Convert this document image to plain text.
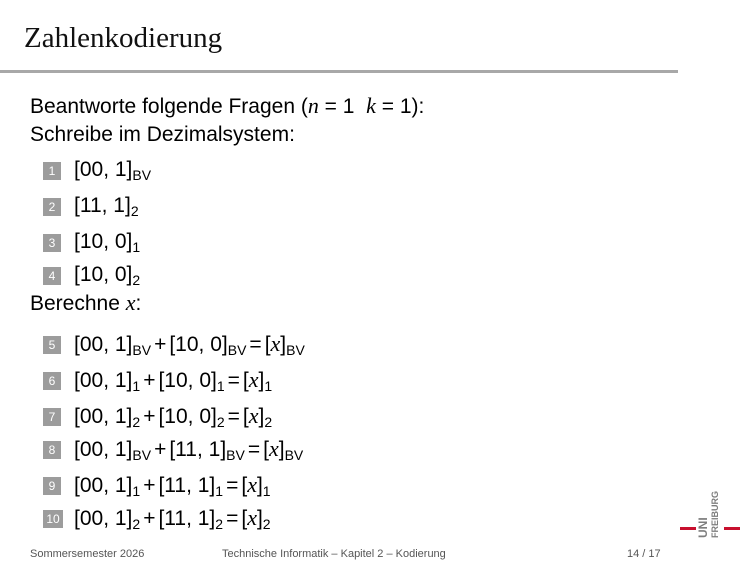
Zahlenkodierung
Beantworte folgende Fragen (n = 1  k = 1):
Schreibe im Dezimalsystem:
Berechne x:
1 [00, $1]_{BV}$
2 [11, $1]_2$
3 [10, $0]_1$
4 [10, $0]_2$
5 [00, $1]_{BV} + [10$, $0]_{BV} = [x]_{BV}$
6 [00, $1]_1 + [10$, $0]_1 = [x]_1$
7 [00, $1]_2 + [10$, $0]_2 = [x]_2$
8 [00, $1]_{BV} + [11$, $1]_{BV} = [x]_{BV}$
9 [00, $1]_1 + [11$, $1]_1 = [x]_1$
10 [00, $1]_2 + [11$, $1]_2 = [x]_2$
Sommersemester 2026	Technische Informatik – Kapitel 2 – Kodierung	14 / 17
UNI FREIBURG
